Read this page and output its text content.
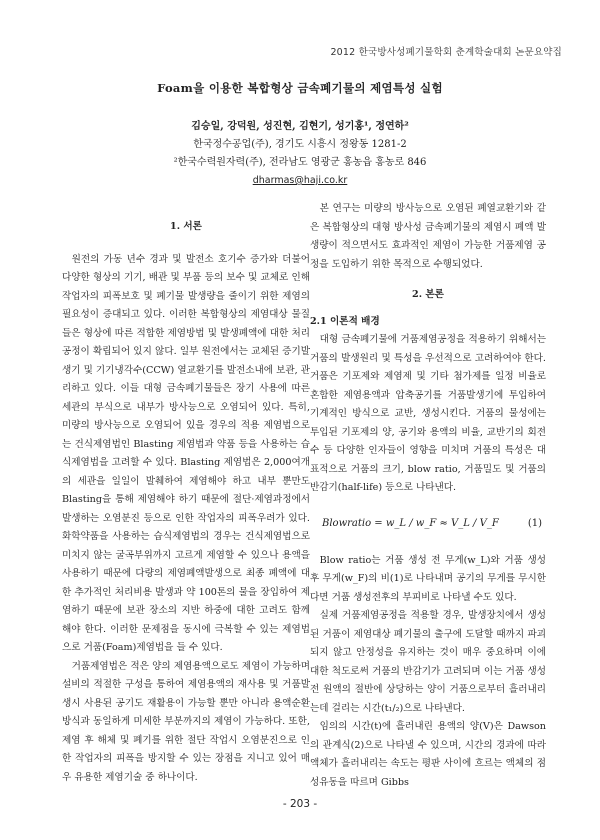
2012 한국방사성폐기물학회 춘계학술대회 논문요약집
Foam을 이용한 복합형상 금속폐기물의 제염특성 실험
김승일, 강덕원, 성진현, 김현기, 성기홍¹, 정연하²
한국정수공업(주), 경기도 시흥시 정왕동 1281-2
²한국수력원자력(주), 전라남도 영광군 홍농읍 홍농로 846
dharmas@haji.co.kr
1. 서론

원전의 가동 년수 경과 및 발전소 호기수 증가와 더불어 다양한 형상의 기기, 배관 및 부품 등의 보수 및 교체로 인해 작업자의 피폭보호 및 폐기물 발생량을 줄이기 위한 제염의 필요성이 증대되고 있다. 이러한 복합형상의 제염대상 물질들은 형상에 따른 적합한 제염방법 및 발생폐액에 대한 처리공정이 확립되어 있지 않다. 일부 원전에서는 교체된 증기발생기 및 기기냉각수(CCW) 열교환기를 발전소내에 보관, 관리하고 있다. 이들 대형 금속폐기물들은 장기 사용에 따른 세관의 부식으로 내부가 방사능으로 오염되어 있다. 특히, 미량의 방사능으로 오염되어 있을 경우의 적용 제염법으로는 건식제염법인 Blasting 제염법과 약품 등을 사용하는 습식제염법을 고려할 수 있다. Blasting 제염법은 2,000여개의 세관을 일일이 발췌하여 제염해야 하고 내부 뿐만도 Blasting을 통해 제염해야 하기 때문에 절단·제염과정에서 발생하는 오염분진 등으로 인한 작업자의 피폭우려가 있다. 화학약품을 사용하는 습식제염법의 경우는 건식제염법으로 미치지 않는 굴곡부위까지 고르게 제염할 수 있으나 용액을 사용하기 때문에 다량의 제염폐액발생으로 최종 폐액에 대한 추가적인 처리비용 발생과 약 100톤의 물을 장입하여 제염하기 때문에 보관 장소의 지반 하중에 대한 고려도 함께 해야 한다. 이러한 문제점을 동시에 극복할 수 있는 제염법으로 거품(Foam)제염법을 들 수 있다.

거품제염법은 적은 양의 제염용액으로도 제염이 가능하며 설비의 적절한 구성을 통하여 제염용액의 재사용 및 거품발생시 사용된 공기도 재활용이 가능할 뿐만 아니라 용액순환방식과 동일하게 미세한 부분까지의 제염이 가능하다. 또한, 제염 후 해체 및 폐기를 위한 절단 작업시 오염분진으로 인한 작업자의 피폭을 방지할 수 있는 장점을 지니고 있어 매우 유용한 제염기술 중 하나이다.

본 연구는 미량의 방사능으로 오염된 폐열교환기와 같은 복합형상의 대형 방사성 금속폐기물의 제염시 폐액 발생량이 적으면서도 효과적인 제염이 가능한 거품제염 공정을 도입하기 위한 목적으로 수행되었다.

2. 본론
2.1 이론적 배경

대형 금속폐기물에 거품제염공정을 적용하기 위해서는 거품의 발생원리 및 특성을 우선적으로 고려하여야 한다. 거품은 기포제와 제염제 및 기타 첨가제를 일정 비율로 혼합한 제염용액과 압축공기를 거품발생기에 투입하여 기계적인 방식으로 교반, 생성시킨다. 거품의 물성에는 투입된 기포제의 양, 공기와 용액의 비율, 교반기의 회전수 등 다양한 인자들이 영향을 미치며 거품의 특성은 대표적으로 거품의 크기, blow ratio, 거품밀도 및 거품의 반감기(half-life) 등으로 나타낸다.

Blowratio = w_L / w_F ≈ V_L / V_F	(1)

Blow ratio는 거품 생성 전 무게(w_L)와 거품 생성 후 무게(w_F)의 비(1)로 나타내며 공기의 무게를 무시한다면 거품 생성전후의 부피비로 나타낼 수도 있다.

실제 거품제염공정을 적용할 경우, 발생장치에서 생성된 거품이 제염대상 폐기물의 출구에 도달할 때까지 파괴되지 않고 안정성을 유지하는 것이 매우 중요하며 이에 대한 척도로써 거품의 반감기가 고려되며 이는 거품 생성전 원액의 절반에 상당하는 양이 거품으로부터 흘러내리는데 걸리는 시간(t₁/₂)으로 나타낸다.

임의의 시간(t)에 흘러내린 용액의 양(V)은 Dawson의 관계식(2)으로 나타낼 수 있으며, 시간의 경과에 따라 액체가 흘러내리는 속도는 평판 사이에 흐르는 액체의 점성유동을 따르며 Gibbs

- 203 -
